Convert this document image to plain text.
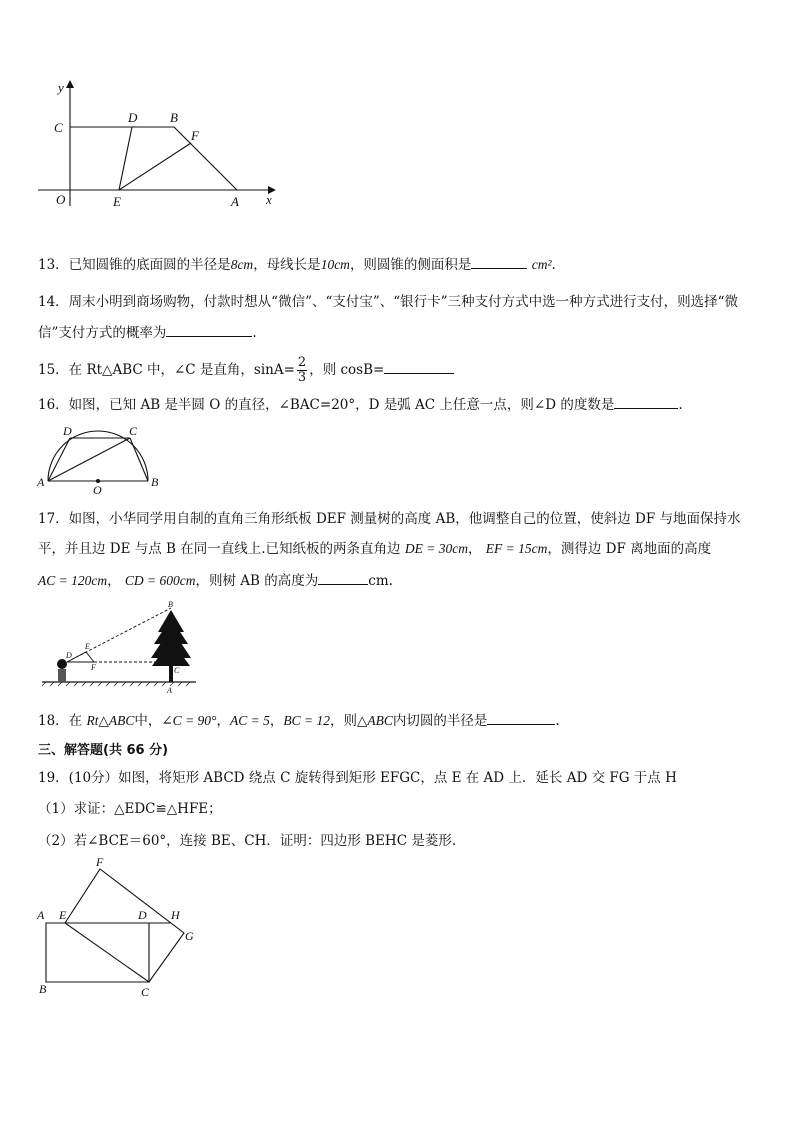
y
x
C
D	B
F
O	E	A
13．已知圆锥的底面圆的半径是8cm，母线长是10cm，则圆锥的侧面积是	cm².
14．周末小明到商场购物，付款时想从“微信”、“支付宝”、“银行卡”三种支付方式中选一种方式进行支付，则选择“微
信”支付方式的概率为	.
15．在 Rt△ABC 中，∠C 是直角，$\sin A= \frac{2}{3}$ ，则 cosB=
16．如图，已知 AB 是半圆 O 的直径，∠BAC=20°，D 是弧 AC 上任意一点，则∠D 的度数是	.
D	C
A	B
O
17．如图，小华同学用自制的直角三角形纸板 DEF 测量树的高度 AB，他调整自己的位置，使斜边 DF 与地面保持水
平，并且边 DE 与点 B 在同一直线上.已知纸板的两条直角边 DE = 30cm， EF = 15cm，测得边 DF 离地面的高度
AC = 120cm， CD = 600cm，则树 AB 的高度为	cm.
B
E
D
F	C
A
18．在 Rt△ABC中，∠C = 90°，AC = 5，BC = 12，则△ABC内切圆的半径是	.
三、解答题(共 66 分)
19．(10分）如图，将矩形 ABCD 绕点 C 旋转得到矩形 EFGC，点 E 在 AD 上．延长 AD 交 FG 于点 H
（1）求证：△EDC≌△HFE；
（2）若∠BCE＝60°，连接 BE、CH．证明：四边形 BEHC 是菱形.
F
A E	D H
G
B	C
